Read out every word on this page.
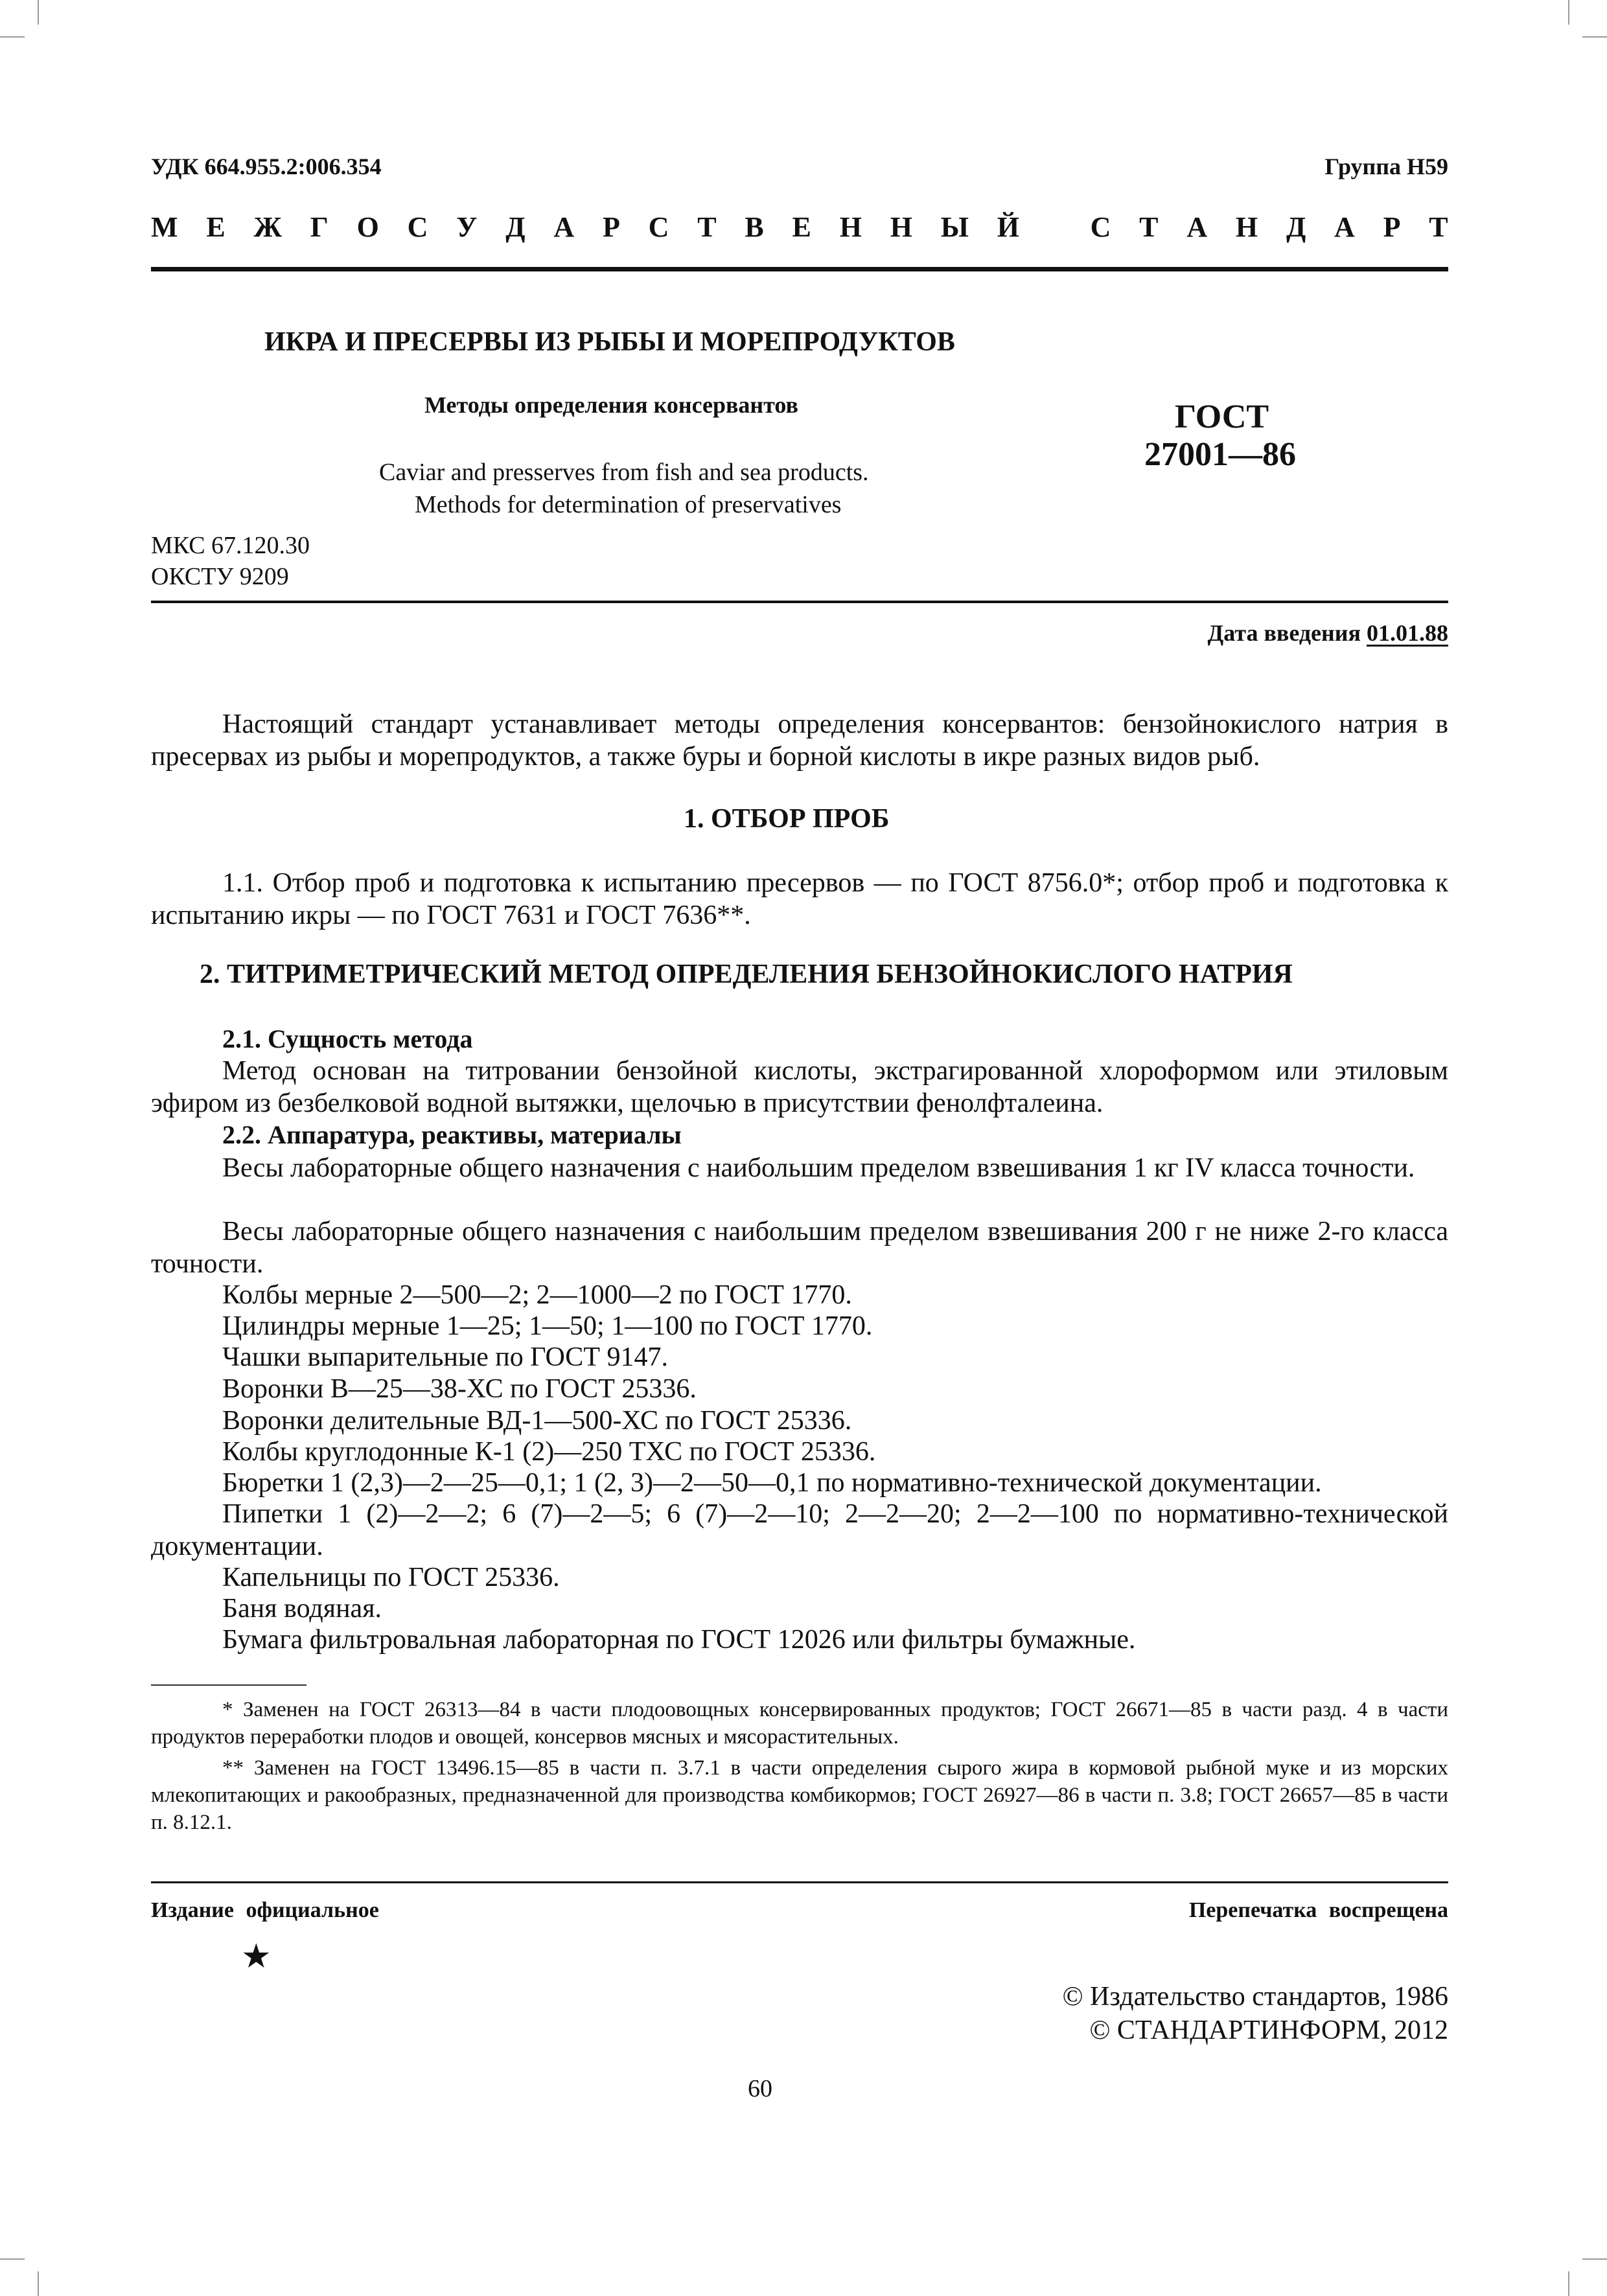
УДК 664.955.2:006.354	Группа Н59
М Е Ж Г О С У Д А Р С Т В Е Н Н Ы Й
С Т А Н Д А Р Т
ИКРА И ПРЕСЕРВЫ ИЗ РЫБЫ И МОРЕПРОДУКТОВ
Методы определения консервантов
Caviar and presserves from fish and sea products.
Methods for determination of preservatives
ГОСТ
27001—86
МКС 67.120.30
ОКСТУ 9209
Дата введения 01.01.88
Настоящий стандарт устанавливает методы определения консервантов: бензойнокислого натрия в пресервах из рыбы и морепродуктов, а также буры и борной кислоты в икре разных видов рыб.
1. ОТБОР ПРОБ
1.1. Отбор проб и подготовка к испытанию пресервов — по ГОСТ 8756.0*; отбор проб и подготовка к испытанию икры — по ГОСТ 7631 и ГОСТ 7636**.
2. ТИТРИМЕТРИЧЕСКИЙ МЕТОД ОПРЕДЕЛЕНИЯ БЕНЗОЙНОКИСЛОГО НАТРИЯ
2.1. Сущность метода
Метод основан на титровании бензойной кислоты, экстрагированной хлороформом или этиловым эфиром из безбелковой водной вытяжки, щелочью в присутствии фенолфталеина.
2.2. Аппаратура, реактивы, материалы
Весы лабораторные общего назначения с наибольшим пределом взвешивания 1 кг IV класса точности.
Весы лабораторные общего назначения с наибольшим пределом взвешивания 200 г не ниже 2-го класса точности.
Колбы мерные 2—500—2; 2—1000—2 по ГОСТ 1770.
Цилиндры мерные 1—25; 1—50; 1—100 по ГОСТ 1770.
Чашки выпарительные по ГОСТ 9147.
Воронки В—25—38-ХС по ГОСТ 25336.
Воронки делительные ВД-1—500-ХС по ГОСТ 25336.
Колбы круглодонные К-1 (2)—250 ТХС по ГОСТ 25336.
Бюретки 1 (2,3)—2—25—0,1; 1 (2, 3)—2—50—0,1 по нормативно-технической документации.
Пипетки 1 (2)—2—2; 6 (7)—2—5; 6 (7)—2—10; 2—2—20; 2—2—100 по нормативно-технической документации.
Капельницы по ГОСТ 25336.
Баня водяная.
Бумага фильтровальная лабораторная по ГОСТ 12026 или фильтры бумажные.
* Заменен на ГОСТ 26313—84 в части плодоовощных консервированных продуктов; ГОСТ 26671—85 в части разд. 4 в части продуктов переработки плодов и овощей, консервов мясных и мясорастительных.
** Заменен на ГОСТ 13496.15—85 в части п. 3.7.1 в части определения сырого жира в кормовой рыбной муке и из морских млекопитающих и ракообразных, предназначенной для производства комбикормов; ГОСТ 26927—86 в части п. 3.8; ГОСТ 26657—85 в части п. 8.12.1.
Издание официальное	Перепечатка воспрещена
★
© Издательство стандартов, 1986
© СТАНДАРТИНФОРМ, 2012
60
